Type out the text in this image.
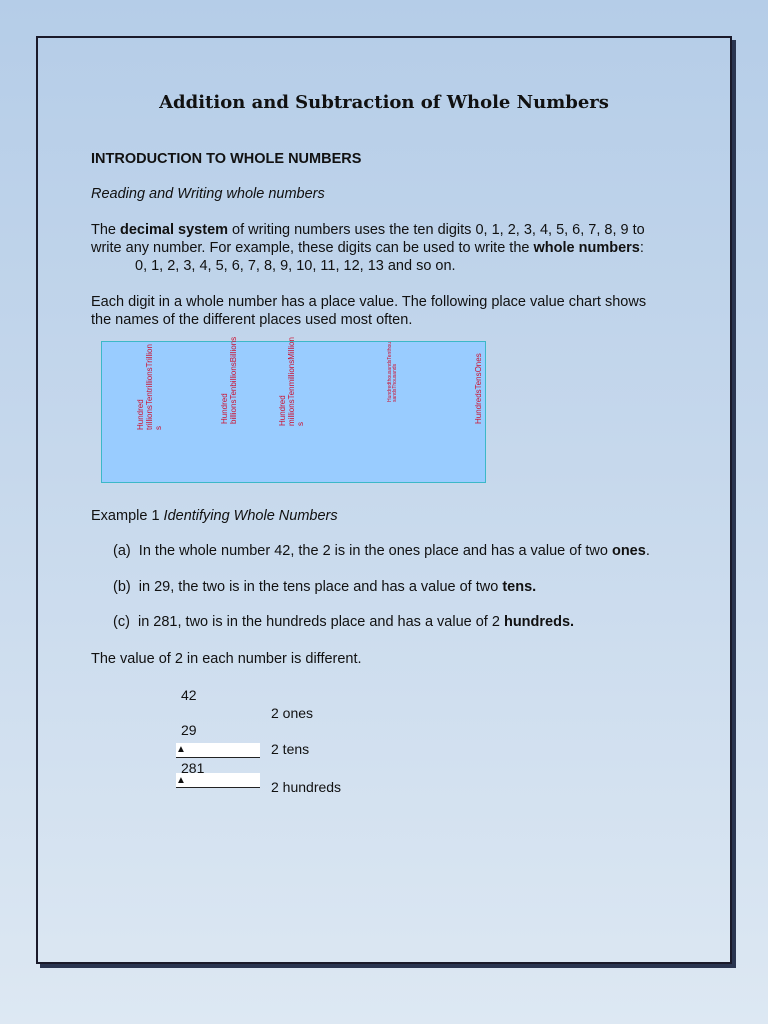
Addition and Subtraction of Whole Numbers
INTRODUCTION TO WHOLE NUMBERS
Reading and Writing whole numbers
The decimal system of writing numbers uses the ten digits 0, 1, 2, 3, 4, 5, 6, 7, 8, 9 to
write any number. For example, these digits can be used to write the whole numbers:
0, 1, 2, 3, 4, 5, 6, 7, 8, 9, 10, 11, 12, 13 and so on.
Each digit in a whole number has a place value. The following place value chart shows
the names of the different places used most often.
Hundred
trillionsTentrillionsTrillion
s
Hundred
billionsTenbillionsBillions	Hundred
millionsTenmillionsMillion
s
HundredthousandsTenthou
sandsThousands	HundredsTensOnes
Example 1 Identifying Whole Numbers
(a) In the whole number 42, the 2 is in the ones place and has a value of two ones.
(b) in 29, the two is in the tens place and has a value of two tens.
(c) in 281, two is in the hundreds place and has a value of 2 hundreds.
The value of 2 in each number is different.
▲
▲
42
29
281
2 ones
2 tens
2 hundreds
